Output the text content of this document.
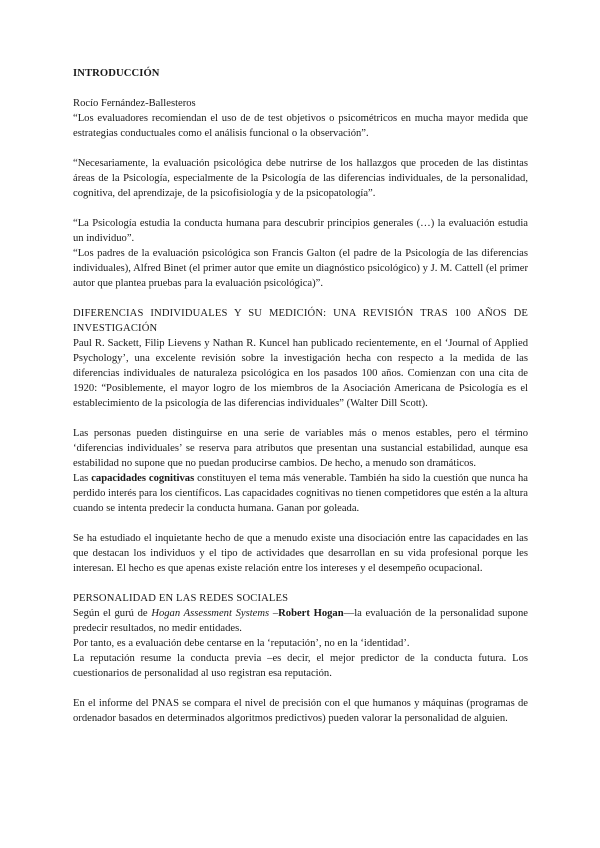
INTRODUCCIÓN

Rocío Fernández-Ballesteros

“Los evaluadores recomiendan el uso de de test objetivos o psicométricos en mucha mayor medida que estrategias conductuales como el análisis funcional o la observación”.

“Necesariamente, la evaluación psicológica debe nutrirse de los hallazgos que proceden de las distintas áreas de la Psicología, especialmente de la Psicología de las diferencias individuales, de la personalidad, cognitiva, del aprendizaje, de la psicofisiología y de la psicopatología”.

“La Psicología estudia la conducta humana para descubrir principios generales (…) la evaluación estudia un individuo”.

“Los padres de la evaluación psicológica son Francis Galton (el padre de la Psicología de las diferencias individuales), Alfred Binet (el primer autor que emite un diagnóstico psicológico) y J. M. Cattell (el primer autor que plantea pruebas para la evaluación psicológica)”.

DIFERENCIAS INDIVIDUALES Y SU MEDICIÓN: UNA REVISIÓN TRAS 100 AÑOS DE INVESTIGACIÓN

Paul R. Sackett, Filip Lievens y Nathan R. Kuncel han publicado recientemente, en el ‘Journal of Applied Psychology’, una excelente revisión sobre la investigación hecha con respecto a la medida de las diferencias individuales de naturaleza psicológica en los pasados 100 años. Comienzan con una cita de 1920: “Posiblemente, el mayor logro de los miembros de la Asociación Americana de Psicología es el establecimiento de la psicología de las diferencias individuales” (Walter Dill Scott).

Las personas pueden distinguirse en una serie de variables más o menos estables, pero el término ‘diferencias individuales’ se reserva para atributos que presentan una sustancial estabilidad, aunque esa estabilidad no supone que no puedan producirse cambios. De hecho, a menudo son dramáticos.

Las capacidades cognitivas constituyen el tema más venerable. También ha sido la cuestión que nunca ha perdido interés para los científicos. Las capacidades cognitivas no tienen competidores que estén a la altura cuando se intenta predecir la conducta humana. Ganan por goleada.

Se ha estudiado el inquietante hecho de que a menudo existe una disociación entre las capacidades en las que destacan los individuos y el tipo de actividades que desarrollan en su vida profesional porque les interesan. El hecho es que apenas existe relación entre los intereses y el desempeño ocupacional.

PERSONALIDAD EN LAS REDES SOCIALES

Según el gurú de Hogan Assessment Systems –Robert Hogan—la evaluación de la personalidad supone predecir resultados, no medir entidades.

Por tanto, es a evaluación debe centarse en la ‘reputación’, no en la ‘identidad’.

La reputación resume la conducta previa –es decir, el mejor predictor de la conducta futura. Los cuestionarios de personalidad al uso registran esa reputación.

En el informe del PNAS se compara el nivel de precisión con el que humanos y máquinas (programas de ordenador basados en determinados algoritmos predictivos) pueden valorar la personalidad de alguien.
